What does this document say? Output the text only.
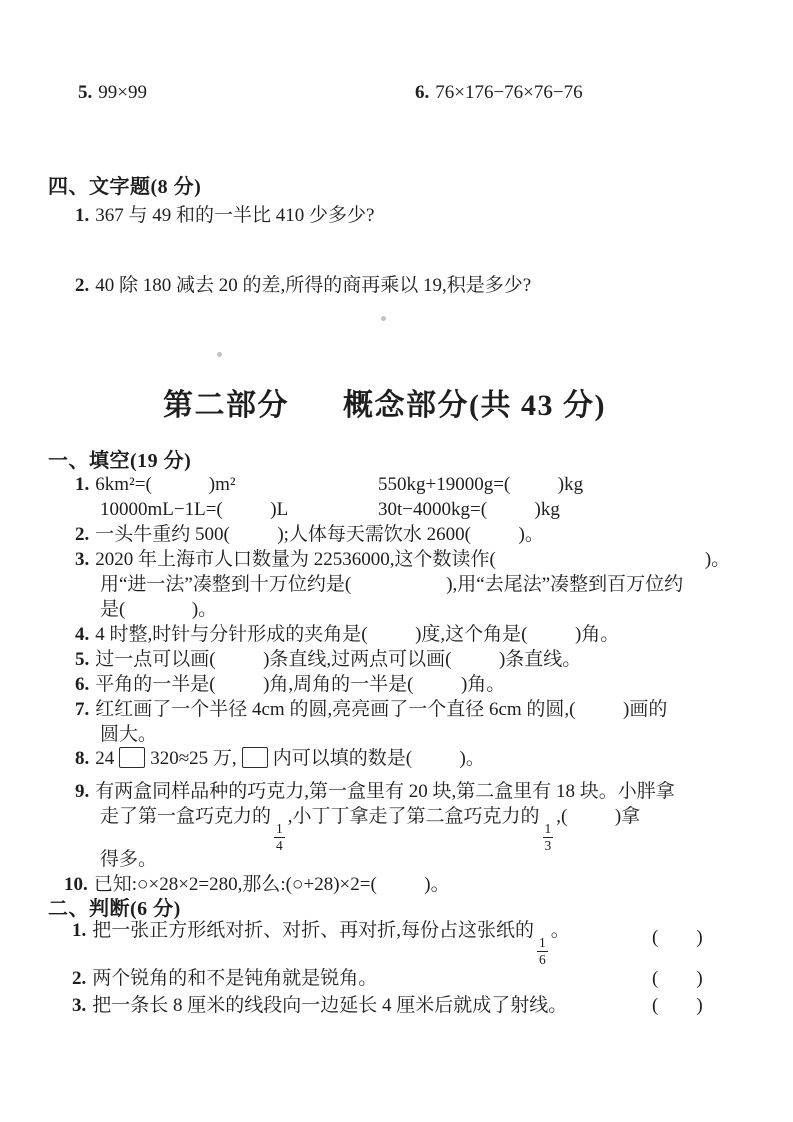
5. 99×99	6. 76×176−76×76−76
四、文字题(8 分)
1. 367 与 49 和的一半比 410 少多少?
2. 40 除 180 减去 20 的差,所得的商再乘以 19,积是多少?
第二部分      概念部分(共 43 分)
一、填空(19 分)
1. 6km²=(            )m²	550kg+19000g=(          )kg
10000mL−1L=(          )L	30t−4000kg=(          )kg
2. 一头牛重约 500(          );人体每天需饮水 2600(          )。
3. 2020 年上海市人口数量为 22536000,这个数读作(                                            )。
用“进一法”凑整到十万位约是(                    ),用“去尾法”凑整到百万位约
是(              )。
4. 4 时整,时针与分针形成的夹角是(          )度,这个角是(          )角。
5. 过一点可以画(          )条直线,过两点可以画(          )条直线。
6. 平角的一半是(          )角,周角的一半是(          )角。
7. 红红画了一个半径 4cm 的圆,亮亮画了一个直径 6cm 的圆,(          )画的
圆大。
8. 24 320≈25 万, 内可以填的数是(          )。
9. 有两盒同样品种的巧克力,第一盒里有 20 块,第二盒里有 18 块。小胖拿
走了第一盒巧克力的
$\frac{1}{4}$
,小丁丁拿走了第二盒巧克力的
$\frac{1}{3}$
,(          )拿
得多。
10. 已知:○×28×2=280,那么:(○+28)×2=(          )。
二、判断(6 分)
1. 把一张正方形纸对折、对折、再对折,每份占这张纸的
$\frac{1}{6}$
。	(        )
2. 两个锐角的和不是钝角就是锐角。	(        )
3. 把一条长 8 厘米的线段向一边延长 4 厘米后就成了射线。	(        )
